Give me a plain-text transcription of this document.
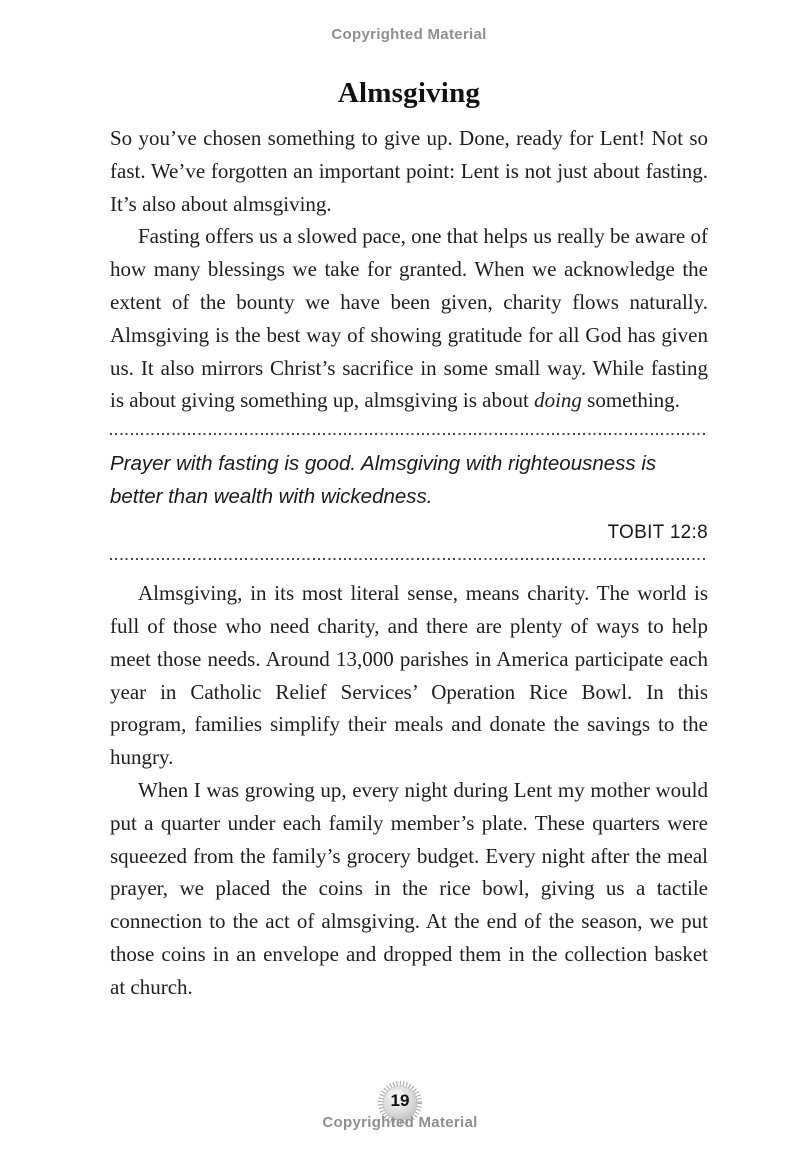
Copyrighted Material
Almsgiving

So you’ve chosen something to give up. Done, ready for Lent! Not so fast. We’ve forgotten an important point: Lent is not just about fasting. It’s also about almsgiving.

Fasting offers us a slowed pace, one that helps us really be aware of how many blessings we take for granted. When we acknowledge the extent of the bounty we have been given, charity flows naturally. Almsgiving is the best way of showing gratitude for all God has given us. It also mirrors Christ’s sacrifice in some small way. While fasting is about giving something up, almsgiving is about doing something.

Prayer with fasting is good. Almsgiving with righteousness is better than wealth with wickedness.
TOBIT 12:8

Almsgiving, in its most literal sense, means charity. The world is full of those who need charity, and there are plenty of ways to help meet those needs. Around 13,000 parishes in America participate each year in Catholic Relief Services’ Operation Rice Bowl. In this program, families simplify their meals and donate the savings to the hungry.

When I was growing up, every night during Lent my mother would put a quarter under each family member’s plate. These quarters were squeezed from the family’s grocery budget. Every night after the meal prayer, we placed the coins in the rice bowl, giving us a tactile connection to the act of almsgiving. At the end of the season, we put those coins in an envelope and dropped them in the collection basket at church.

19
Copyrighted Material
